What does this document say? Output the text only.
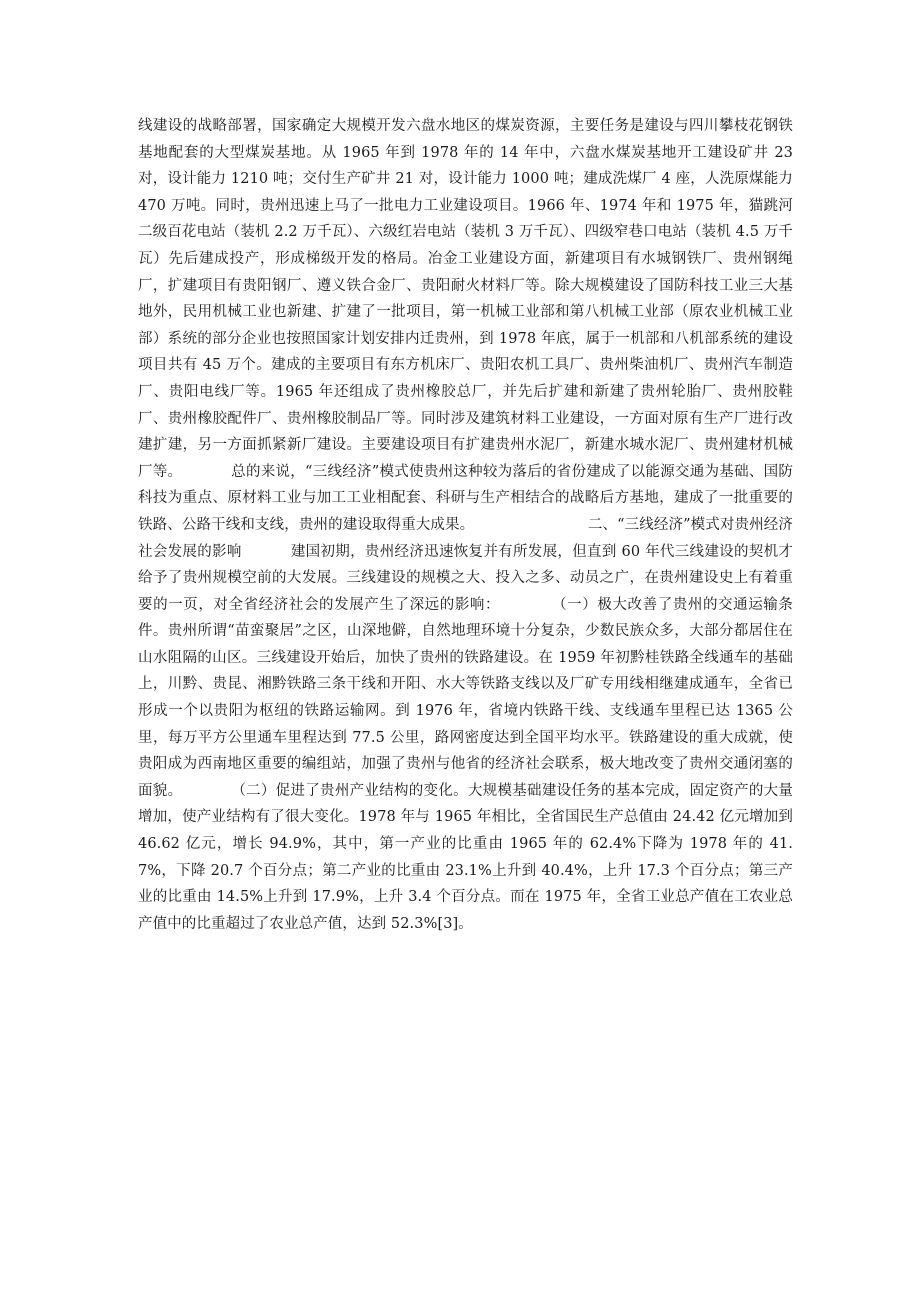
线建设的战略部署，国家确定大规模开发六盘水地区的煤炭资源，主要任务是建设与四川攀枝花钢铁基地配套的大型煤炭基地。从 1965 年到 1978 年的 14 年中，六盘水煤炭基地开工建设矿井 23 对，设计能力 1210 吨；交付生产矿井 21 对，设计能力 1000 吨；建成洗煤厂 4 座，人洗原煤能力 470 万吨。同时，贵州迅速上马了一批电力工业建设项目。1966 年、1974 年和 1975 年，猫跳河二级百花电站（装机 2.2 万千瓦）、六级红岩电站（装机 3 万千瓦）、四级窄巷口电站（装机 4.5 万千瓦）先后建成投产，形成梯级开发的格局。冶金工业建设方面，新建项目有水城钢铁厂、贵州钢绳厂，扩建项目有贵阳钢厂、遵义铁合金厂、贵阳耐火材料厂等。除大规模建设了国防科技工业三大基地外，民用机械工业也新建、扩建了一批项目，第一机械工业部和第八机械工业部（原农业机械工业部）系统的部分企业也按照国家计划安排内迁贵州，到 1978 年底，属于一机部和八机部系统的建设项目共有 45 万个。建成的主要项目有东方机床厂、贵阳农机工具厂、贵州柴油机厂、贵州汽车制造厂、贵阳电线厂等。1965 年还组成了贵州橡胶总厂，并先后扩建和新建了贵州轮胎厂、贵州胶鞋厂、贵州橡胶配件厂、贵州橡胶制品厂等。同时涉及建筑材料工业建设，一方面对原有生产厂进行改建扩建，另一方面抓紧新厂建设。主要建设项目有扩建贵州水泥厂，新建水城水泥厂、贵州建材机械厂等。	总的来说，“三线经济”模式使贵州这种较为落后的省份建成了以能源交通为基础、国防科技为重点、原材料工业与加工工业相配套、科研与生产相结合的战略后方基地，建成了一批重要的铁路、公路干线和支线，贵州的建设取得重大成果。	二、“三线经济”模式对贵州经济社会发展的影响	建国初期，贵州经济迅速恢复并有所发展，但直到 60 年代三线建设的契机才给予了贵州规模空前的大发展。三线建设的规模之大、投入之多、动员之广，在贵州建设史上有着重要的一页，对全省经济社会的发展产生了深远的影响：	（一）极大改善了贵州的交通运输条件。贵州所谓“苗蛮聚居”之区，山深地僻，自然地理环境十分复杂，少数民族众多，大部分都居住在山水阻隔的山区。三线建设开始后，加快了贵州的铁路建设。在 1959 年初黔桂铁路全线通车的基础上，川黔、贵昆、湘黔铁路三条干线和开阳、水大等铁路支线以及厂矿专用线相继建成通车，全省已形成一个以贵阳为枢纽的铁路运输网。到 1976 年，省境内铁路干线、支线通车里程已达 1365 公里，每万平方公里通车里程达到 77.5 公里，路网密度达到全国平均水平。铁路建设的重大成就，使贵阳成为西南地区重要的编组站，加强了贵州与他省的经济社会联系，极大地改变了贵州交通闭塞的面貌。	（二）促进了贵州产业结构的变化。大规模基础建设任务的基本完成，固定资产的大量增加，使产业结构有了很大变化。1978 年与 1965 年相比，全省国民生产总值由 24.42 亿元增加到 46.62 亿元，增长 94.9%，其中，第一产业的比重由 1965 年的 62.4%下降为 1978 年的 41.7%，下降 20.7 个百分点；第二产业的比重由 23.1%上升到 40.4%，上升 17.3 个百分点；第三产业的比重由 14.5%上升到 17.9%，上升 3.4 个百分点。而在 1975 年，全省工业总产值在工农业总产值中的比重超过了农业总产值，达到 52.3%[3]。
